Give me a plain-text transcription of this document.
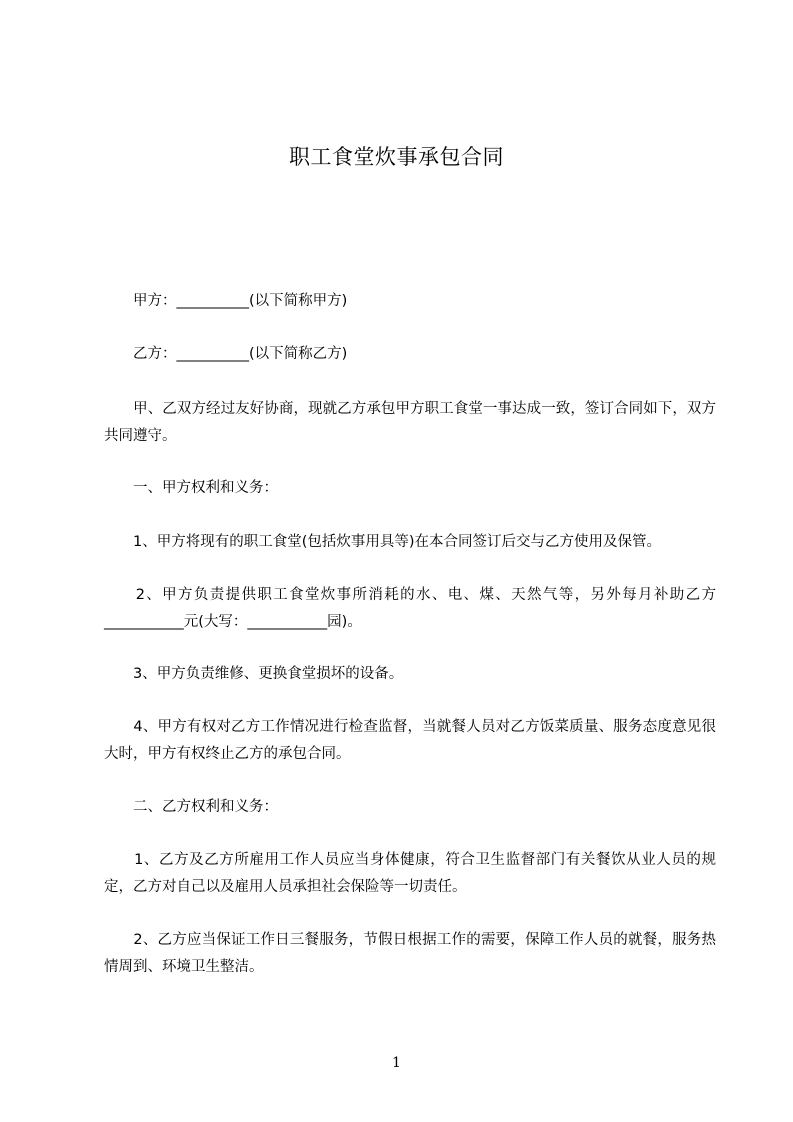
职工食堂炊事承包合同
　　甲方：__________(以下简称甲方)
　　乙方：__________(以下简称乙方)
　　甲、乙双方经过友好协商，现就乙方承包甲方职工食堂一事达成一致，签订合同如下，双方共同遵守。
　　一、甲方权利和义务：
　　1、甲方将现有的职工食堂(包括炊事用具等)在本合同签订后交与乙方使用及保管。
　　2、甲方负责提供职工食堂炊事所消耗的水、电、煤、天然气等，另外每月补助乙方___________元(大写：___________园)。
　　3、甲方负责维修、更换食堂损坏的设备。
　　4、甲方有权对乙方工作情况进行检查监督，当就餐人员对乙方饭菜质量、服务态度意见很大时，甲方有权终止乙方的承包合同。
　　二、乙方权利和义务：
　　1、乙方及乙方所雇用工作人员应当身体健康，符合卫生监督部门有关餐饮从业人员的规定，乙方对自己以及雇用人员承担社会保险等一切责任。
　　2、乙方应当保证工作日三餐服务，节假日根据工作的需要，保障工作人员的就餐，服务热情周到、环境卫生整洁。
1
